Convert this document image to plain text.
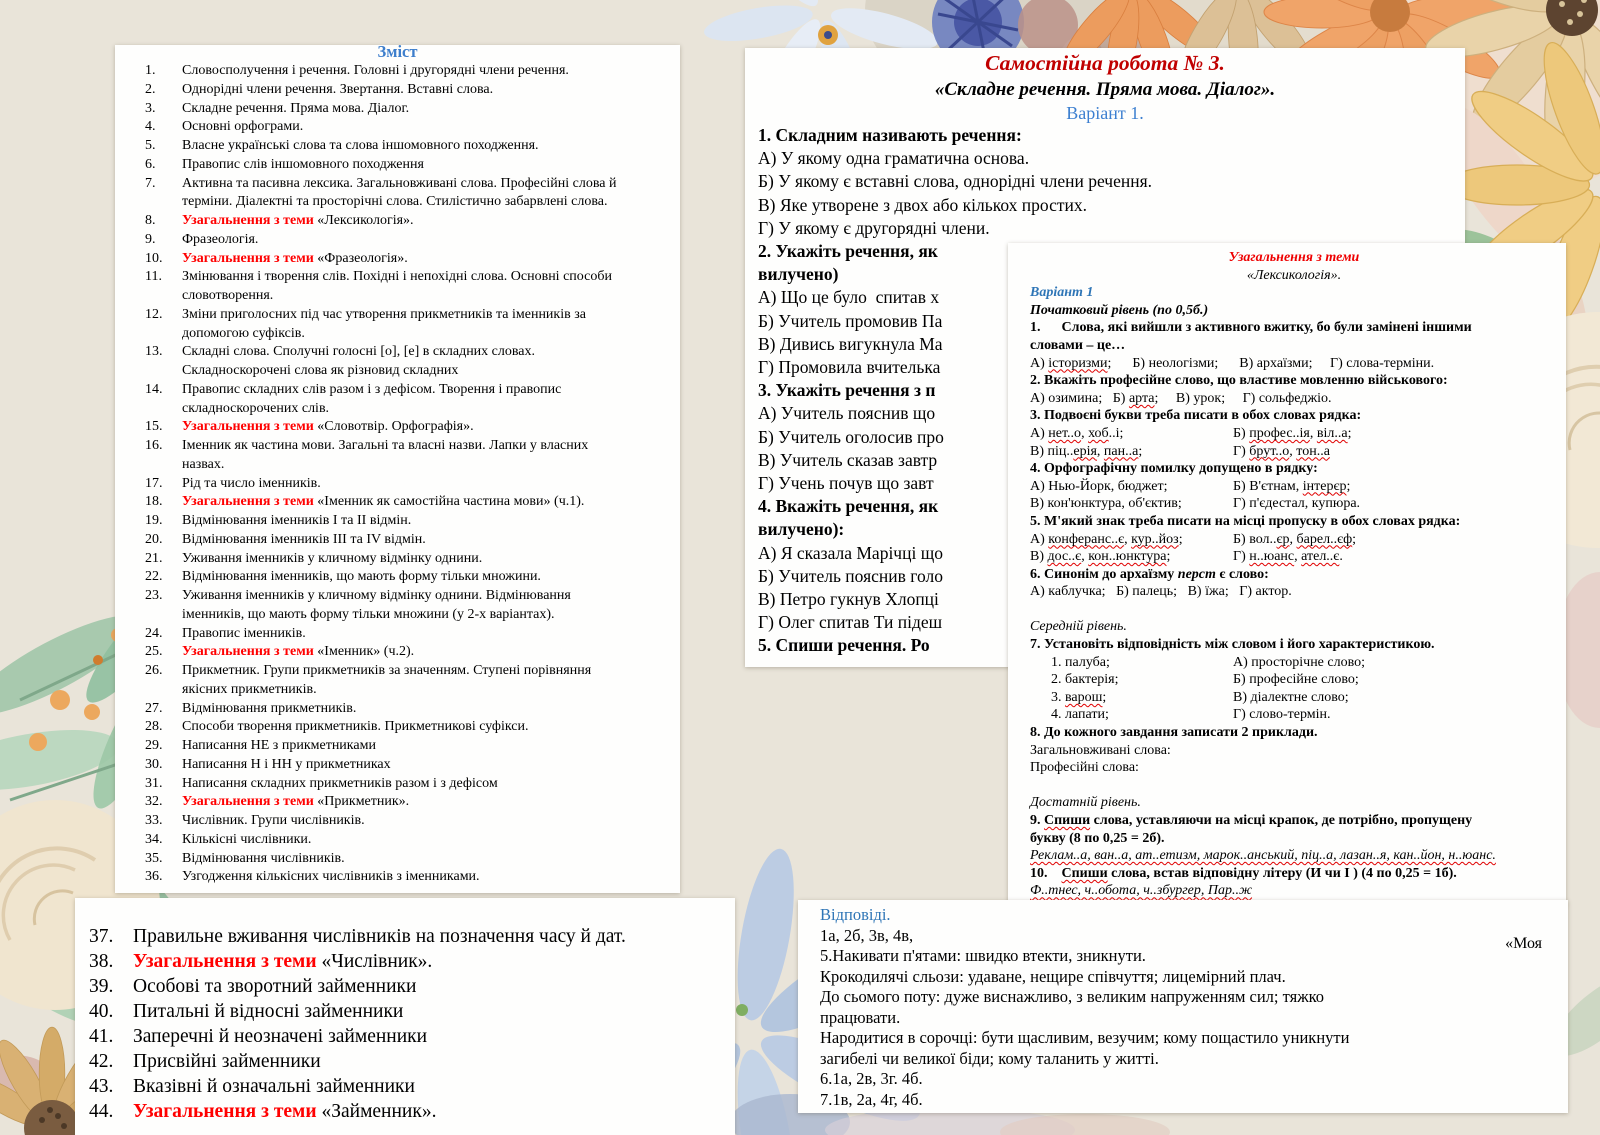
Зміст
1. Словосполучення і речення. Головні і другорядні члени речення.
2. Однорідні члени речення. Звертання. Вставні слова.
3. Складне речення. Пряма мова. Діалог.
4. Основні орфограми.
5. Власне українські слова та слова іншомовного походження.
6. Правопис слів іншомовного походження
7. Активна та пасивна лексика. Загальновживані слова. Професійні слова й
терміни. Діалектні та просторічні слова. Стилістично забарвлені слова.
8. Узагальнення з теми «Лексикологія».
9. Фразеологія.
10. Узагальнення з теми «Фразеологія».
11. Змінювання і творення слів. Похідні і непохідні слова. Основні способи
словотворення.
12. Зміни приголосних під час утворення прикметників та іменників за
допомогою суфіксів.
13. Складні слова. Сполучні голосні [о], [е] в складних словах.
Складноскорочені слова як різновид складних
14. Правопис складних слів разом і з дефісом. Творення і правопис
складноскорочених слів.
15. Узагальнення з теми «Словотвір. Орфографія».
16. Іменник як частина мови. Загальні та власні назви. Лапки у власних
назвах.
17. Рід та число іменників.
18. Узагальнення з теми «Іменник як самостійна частина мови» (ч.1).
19. Відмінювання іменників І та ІІ відмін.
20. Відмінювання іменників ІІІ та ІV відмін.
21. Уживання іменників у кличному відмінку однини.
22. Відмінювання іменників, що мають форму тільки множини.
23. Уживання іменників у кличному відмінку однини. Відмінювання
іменників, що мають форму тільки множини (у 2-х варіантах).
24. Правопис іменників.
25. Узагальнення з теми «Іменник» (ч.2).
26. Прикметник. Групи прикметників за значенням. Ступені порівняння
якісних прикметників.
27. Відмінювання прикметників.
28. Способи творення прикметників. Прикметникові суфікси.
29. Написання НЕ з прикметниками
30. Написання Н і НН у прикметниках
31. Написання складних прикметників разом і з дефісом
32. Узагальнення з теми «Прикметник».
33. Числівник. Групи числівників.
34. Кількісні числівники.
35. Відмінювання числівників.
36. Узгодження кількісних числівників з іменниками.
37. Правильне вживання числівників на позначення часу й дат.
38. Узагальнення з теми «Числівник».
39. Особові та зворотний займенники
40. Питальні й відносні займенники
41. Заперечні й неозначені займенники
42. Присвійні займенники
43. Вказівні й означальні займенники
44. Узагальнення з теми «Займенник».
Самостійна робота № 3.
«Складне речення. Пряма мова. Діалог».
Варіант 1.
1. Складним називають речення:
А) У якому одна граматична основа.
Б) У якому є вставні слова, однорідні члени речення.
В) Яке утворене з двох або кількох простих.
Г) У якому є другорядні члени.
2. Укажіть речення, як
вилучено)
А) Що це було  спитав х
Б) Учитель промовив Па
В) Дивись вигукнула Ма
Г) Промовила вчителька
3. Укажіть речення з п
А) Учитель пояснив що
Б) Учитель оголосив про
В) Учитель сказав завтр
Г) Учень почув що завт
4. Вкажіть речення, як
вилучено):
А) Я сказала Марічці що
Б) Учитель пояснив голо
В) Петро гукнув Хлопці
Г) Олег спитав Ти підеш
5. Спиши речення. Ро
Узагальнення з теми
«Лексикологія».
Варіант 1
Початковий рівень (по 0,5б.)
1.      Слова, які вийшли з активного вжитку, бо були замінені іншими
словами – це…
А) історизми;      Б) неологізми;      В) архаїзми;     Г) слова-терміни.
2. Вкажіть професійне слово, що властиве мовленню військового:
А) озимина;   Б) арта;     В) урок;     Г) сольфеджіо.
3. Подвоєні букви треба писати в обох словах рядка:
А) нет..о, хоб..і;	Б) профес..ія, віл..а;
В) піц..ерія, пан..а;	Г) брут..о, тон..а
4. Орфографічну помилку допущено в рядку:
А) Нью-Йорк, бюджет;	Б) В'єтнам, інтерєр;
В) кон'юнктура, об'єктив;	Г) п'єдестал, купюра.
5. М'який знак треба писати на місці пропуску в обох словах рядка:
А) конферанс..є, кур..йоз;	Б) вол..єр, барел..єф;
В) дос..є, кон..юнктура;	Г) н..юанс, ател..є.
6. Синонім до архаїзму перст є слово:
А) каблучка;   Б) палець;   В) їжа;   Г) актор.
Середній рівень.
7. Установіть відповідність між словом і його характеристикою.
1. палуба;	А) просторічне слово;
2. бактерія;	Б) професійне слово;
3. варош;	В) діалектне слово;
4. лапати;	Г) слово-термін.
8. До кожного завдання записати 2 приклади.
Загальновживані слова:
Професійні слова:
Достатній рівень.
9. Спиши слова, уставляючи на місці крапок, де потрібно, пропущену
букву (8 по 0,25 = 2б).
Реклам..а, ван..а, ат..етизм, марок..анський, піц..а, лазан..я, кан..йон, н..юанс.
10.    Спиши слова, встав відповідну літеру (И чи І ) (4 по 0,25 = 1б).
Ф..тнес, ч..обота, ч..збургер, Пар..ж
Відповіді.
1а, 2б, 3в, 4в,
5.Накивати п'ятами: швидко втекти, зникнути.
Крокодилячі сльози: удаване, нещире співчуття; лицемірний плач.
До сьомого поту: дуже виснажливо, з великим напруженням сил; тяжко
працювати.
Народитися в сорочці: бути щасливим, везучим; кому пощастило уникнути
загибелі чи великої біди; кому таланить у житті.
6.1а, 2в, 3г. 4б.
7.1в, 2а, 4г, 4б.
«Моя
